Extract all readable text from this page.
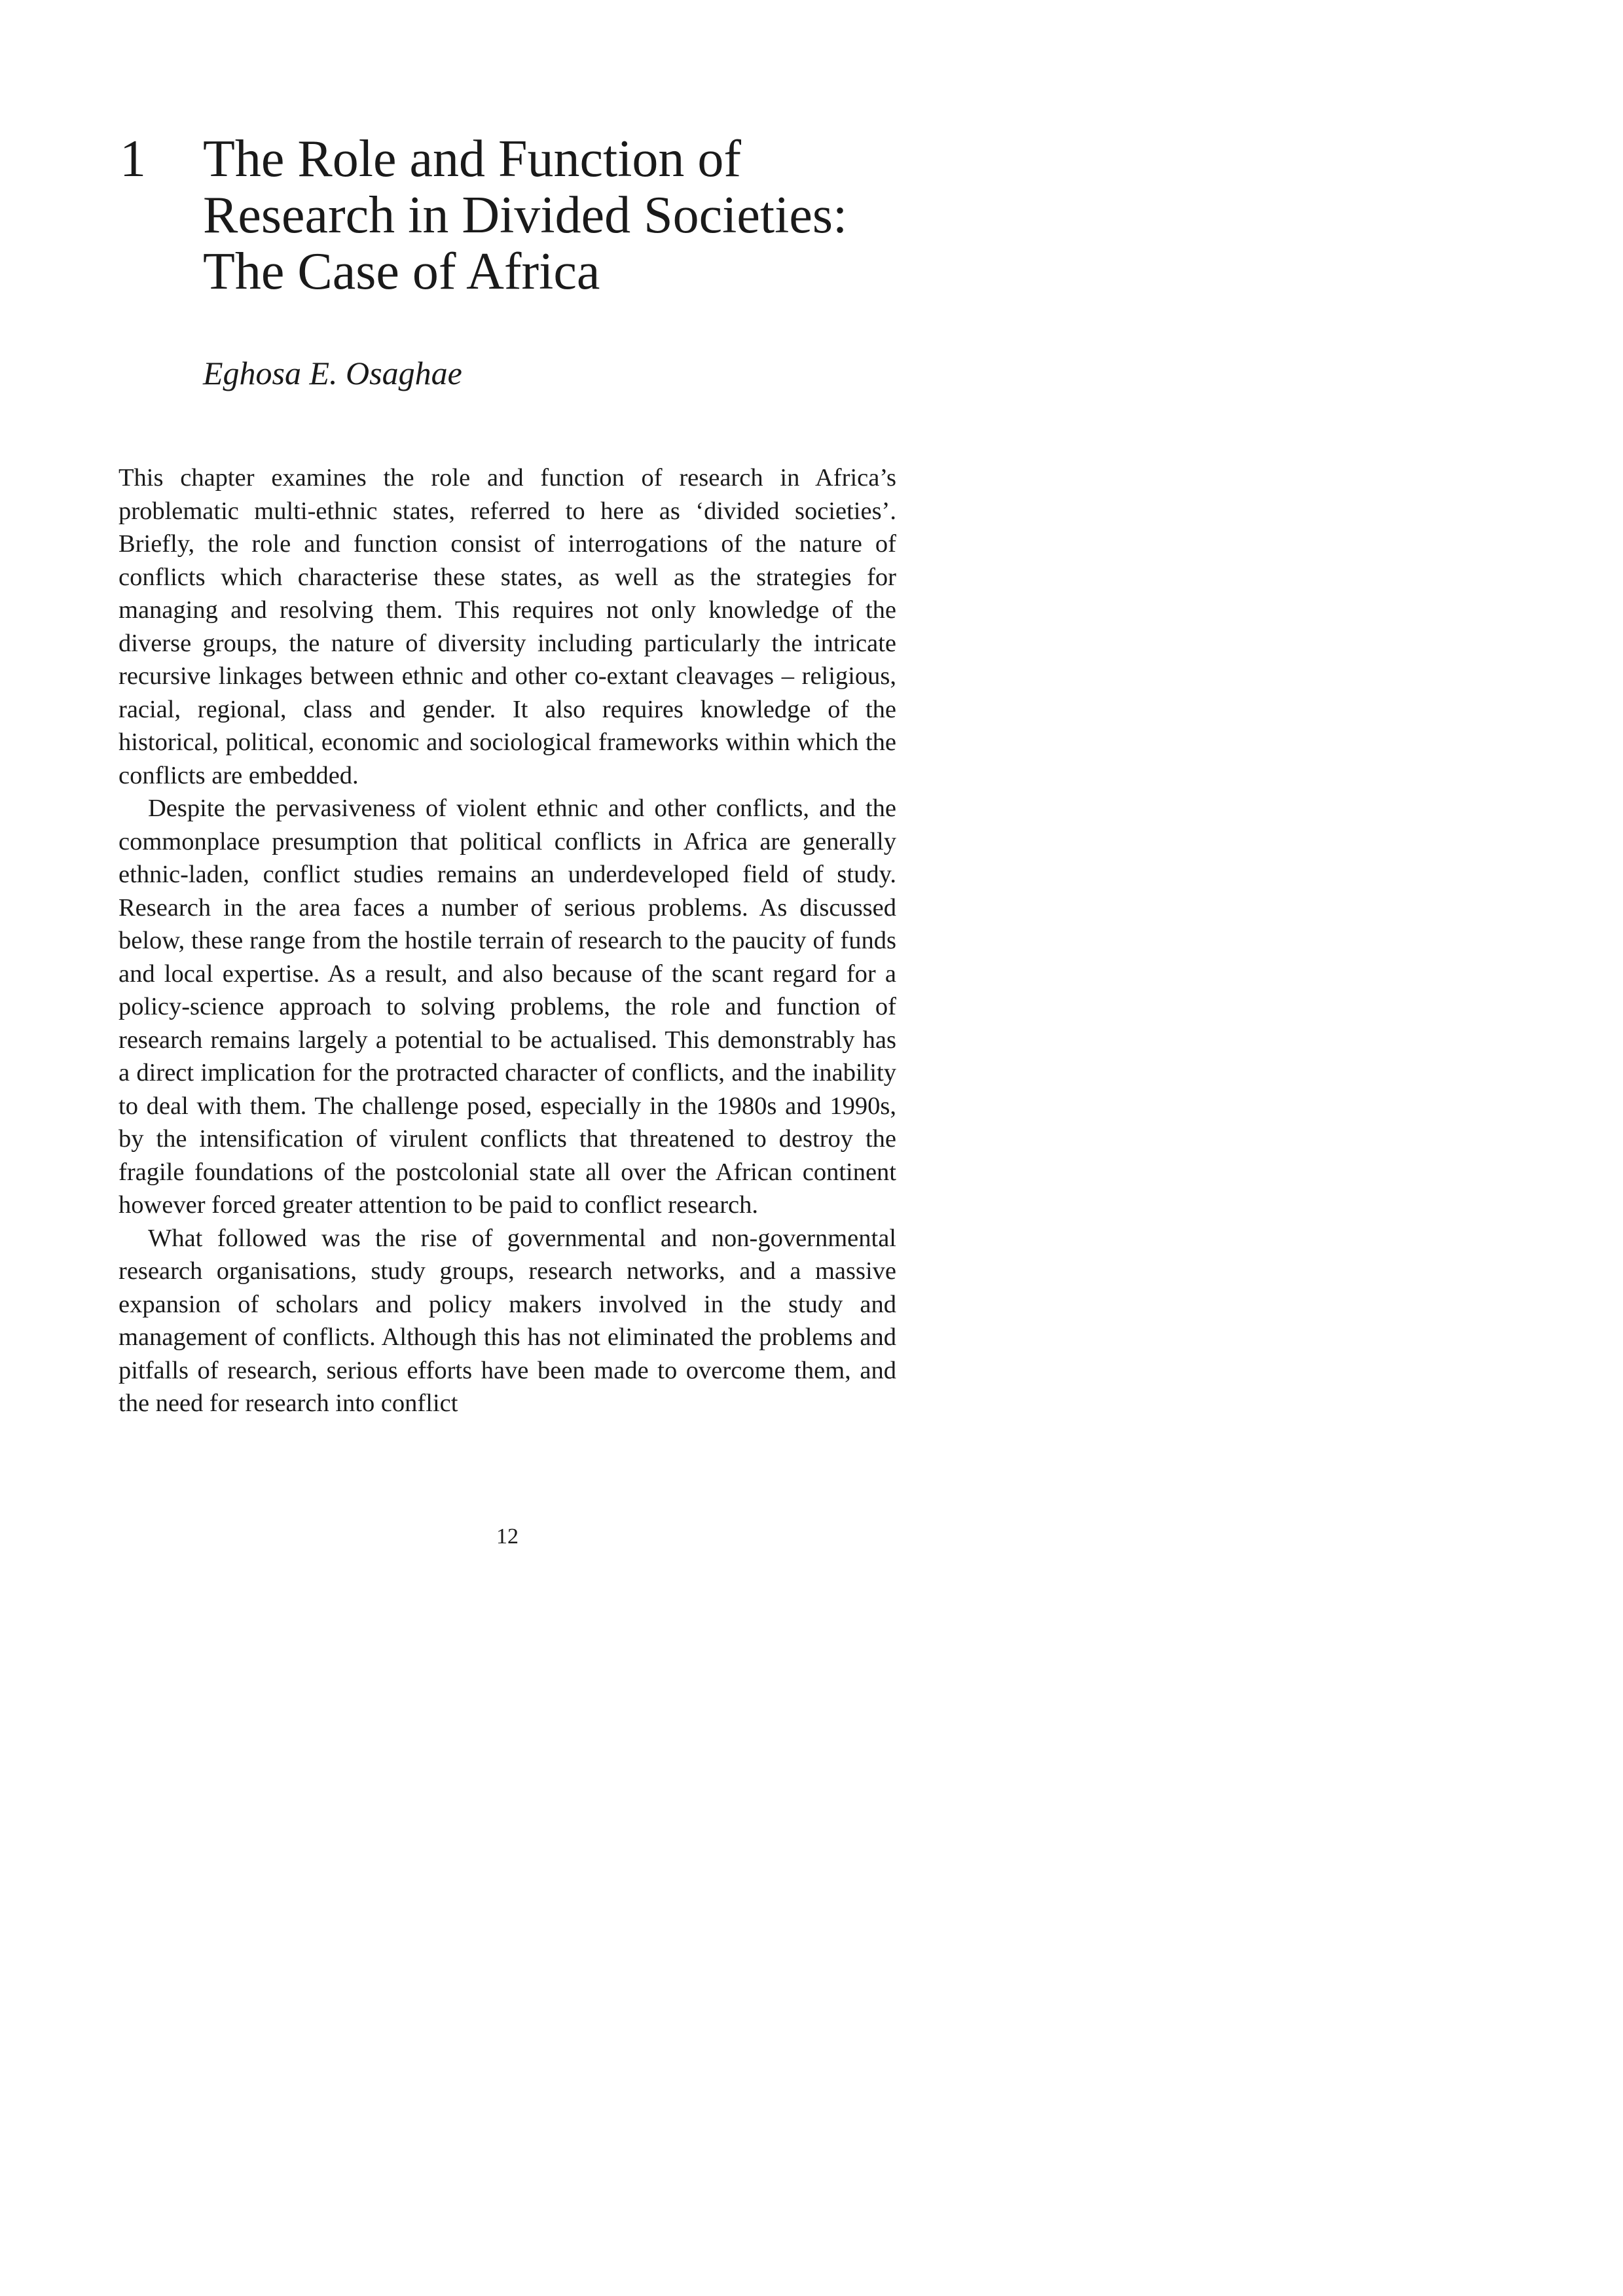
1	The Role and Function of
Research in Divided Societies:
The Case of Africa

Eghosa E. Osaghae

This chapter examines the role and function of research in Africa’s problematic multi-ethnic states, referred to here as ‘divided societies’. Briefly, the role and function consist of interrogations of the nature of conflicts which characterise these states, as well as the strategies for managing and resolving them. This requires not only knowledge of the diverse groups, the nature of diversity including particularly the intricate recursive linkages between ethnic and other co-extant cleavages – religious, racial, regional, class and gender. It also requires knowledge of the historical, political, economic and sociological frameworks within which the conflicts are embedded.

Despite the pervasiveness of violent ethnic and other conflicts, and the commonplace presumption that political conflicts in Africa are generally ethnic-laden, conflict studies remains an underdeveloped field of study. Research in the area faces a number of serious problems. As discussed below, these range from the hostile terrain of research to the paucity of funds and local expertise. As a result, and also because of the scant regard for a policy-science approach to solving problems, the role and function of research remains largely a potential to be actualised. This demonstrably has a direct implication for the protracted character of conflicts, and the inability to deal with them. The challenge posed, especially in the 1980s and 1990s, by the intensification of virulent conflicts that threatened to destroy the fragile foundations of the postcolonial state all over the African continent however forced greater attention to be paid to conflict research.

What followed was the rise of governmental and non-governmental research organisations, study groups, research networks, and a massive expansion of scholars and policy makers involved in the study and management of conflicts. Although this has not eliminated the problems and pitfalls of research, serious efforts have been made to overcome them, and the need for research into conflict

12
